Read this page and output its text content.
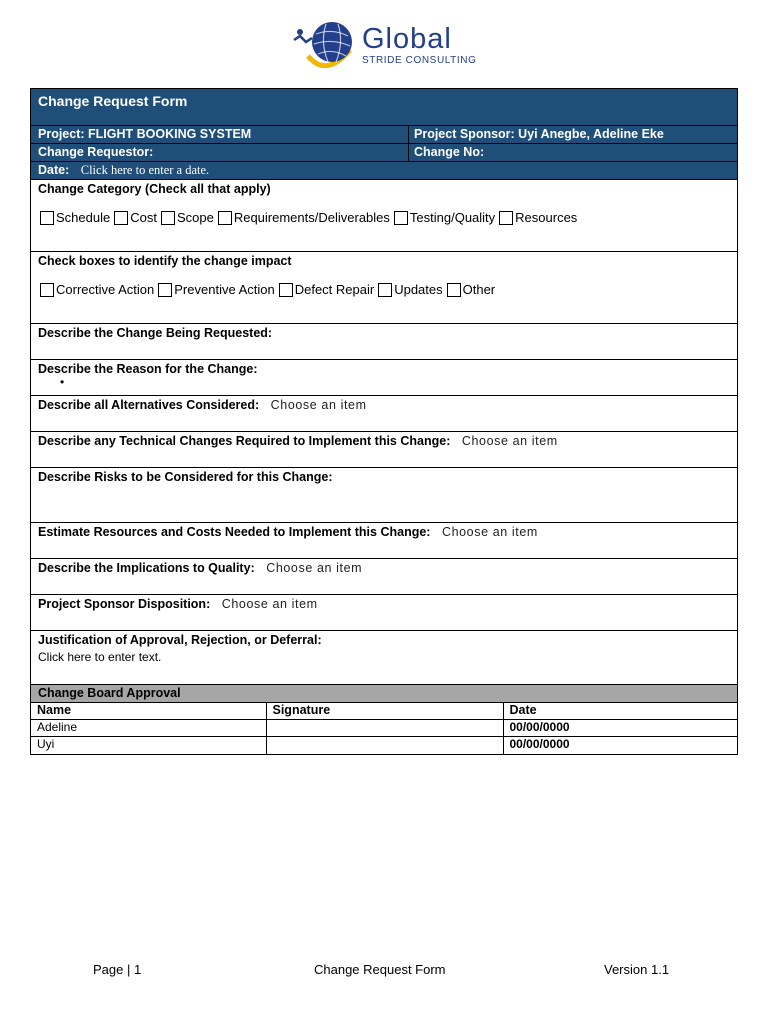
Global
STRIDE CONSULTING
Change Request Form
Project: FLIGHT BOOKING SYSTEM	Project Sponsor: Uyi Anegbe, Adeline Eke
Change Requestor:	Change No:
Date: Click here to enter a date.
Change Category (Check all that apply)
Schedule Cost Scope Requirements/Deliverables Testing/Quality Resources
Check boxes to identify the change impact
Corrective Action Preventive Action Defect Repair Updates Other
Describe the Change Being Requested:
Describe the Reason for the Change:
•
Describe all Alternatives Considered: Choose an item
Describe any Technical Changes Required to Implement this Change: Choose an item
Describe Risks to be Considered for this Change:
Estimate Resources and Costs Needed to Implement this Change: Choose an item
Describe the Implications to Quality: Choose an item
Project Sponsor Disposition: Choose an item
Justification of Approval, Rejection, or Deferral:
Click here to enter text.
Change Board Approval
Name	Signature	Date
Adeline		00/00/0000
Uyi		00/00/0000
Page | 1	Change Request Form	Version 1.1
